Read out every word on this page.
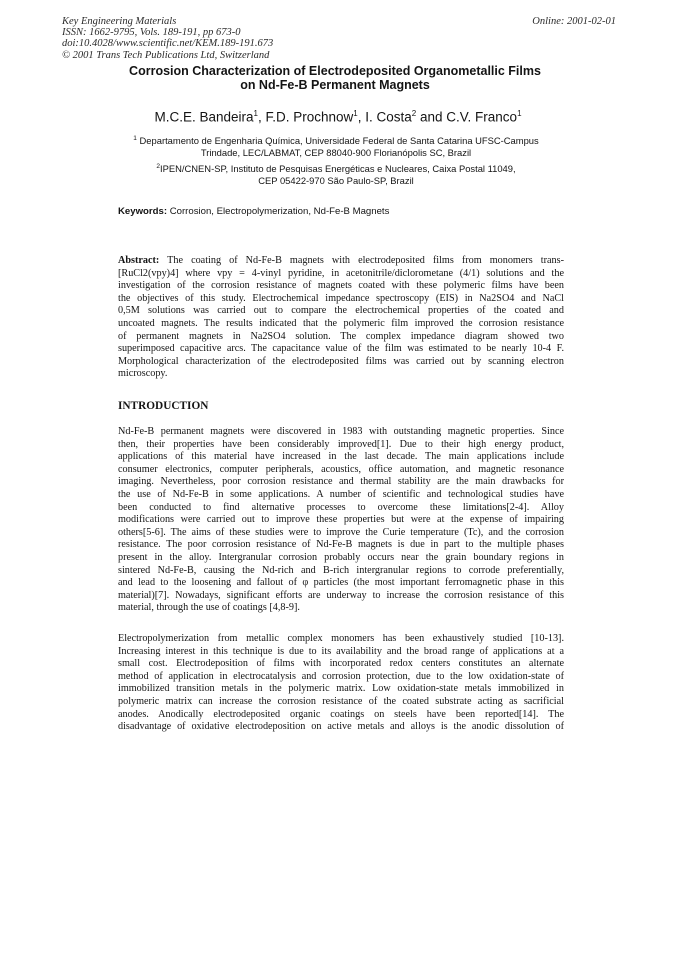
Key Engineering Materials
ISSN: 1662-9795, Vols. 189-191, pp 673-0
doi:10.4028/www.scientific.net/KEM.189-191.673
© 2001 Trans Tech Publications Ltd, Switzerland
Online: 2001-02-01
Corrosion Characterization of Electrodeposited Organometallic Films
on Nd-Fe-B Permanent Magnets
M.C.E. Bandeira$^1$, F.D. Prochnow$^1$, I. Costa$^2$ and C.V. Franco$^1$
$^1$ Departamento de Engenharia Química, Universidade Federal de Santa Catarina UFSC-Campus
Trindade, LEC/LABMAT, CEP 88040-900 Florianópolis SC, Brazil
$^2$IPEN/CNEN-SP, Instituto de Pesquisas Energéticas e Nucleares, Caixa Postal 11049,
CEP 05422-970 São Paulo-SP, Brazil
Keywords: Corrosion, Electropolymerization, Nd-Fe-B Magnets
Abstract: The coating of Nd-Fe-B magnets with electrodeposited films from monomers trans-
[RuCl2(vpy)4] where vpy = 4-vinyl pyridine, in acetonitrile/diclorometane (4/1) solutions and the
investigation of the corrosion resistance of magnets coated with these polymeric films have been
the objectives of this study. Electrochemical impedance spectroscopy (EIS) in Na2SO4 and NaCl
0,5M solutions was carried out to compare the electrochemical properties of the coated and
uncoated magnets. The results indicated that the polymeric film improved the corrosion resistance
of permanent magnets in Na2SO4 solution. The complex impedance diagram showed two
superimposed capacitive arcs. The capacitance value of the film was estimated to be nearly 10-4 F.
Morphological characterization of the electrodeposited films was carried out by scanning electron
microscopy.
INTRODUCTION
Nd-Fe-B permanent magnets were discovered in 1983 with outstanding magnetic properties. Since
then, their properties have been considerably improved[1]. Due to their high energy product,
applications of this material have increased in the last decade. The main applications include
consumer electronics, computer peripherals, acoustics, office automation, and magnetic resonance
imaging. Nevertheless, poor corrosion resistance and thermal stability are the main drawbacks for
the use of Nd-Fe-B in some applications. A number of scientific and technological studies have
been conducted to find alternative processes to overcome these limitations[2-4]. Alloy
modifications were carried out to improve these properties but were at the expense of impairing
others[5-6]. The aims of these studies were to improve the Curie temperature (Tc), and the corrosion
resistance. The poor corrosion resistance of Nd-Fe-B magnets is due in part to the multiple phases
present in the alloy. Intergranular corrosion probably occurs near the grain boundary regions in
sintered Nd-Fe-B, causing the Nd-rich and B-rich intergranular regions to corrode preferentially,
and lead to the loosening and fallout of φ particles (the most important ferromagnetic phase in this
material)[7]. Nowadays, significant efforts are underway to increase the corrosion resistance of this
material, through the use of coatings [4,8-9].
Electropolymerization from metallic complex monomers has been exhaustively studied [10-13].
Increasing interest in this technique is due to its availability and the broad range of applications at a
small cost. Electrodeposition of films with incorporated redox centers constitutes an alternate
method of application in electrocatalysis and corrosion protection, due to the low oxidation-state of
immobilized transition metals in the polymeric matrix. Low oxidation-state metals immobilized in
polymeric matrix can increase the corrosion resistance of the coated substrate acting as sacrificial
anodes. Anodically electrodeposited organic coatings on steels have been reported[14]. The
disadvantage of oxidative electrodeposition on active metals and alloys is the anodic dissolution of
